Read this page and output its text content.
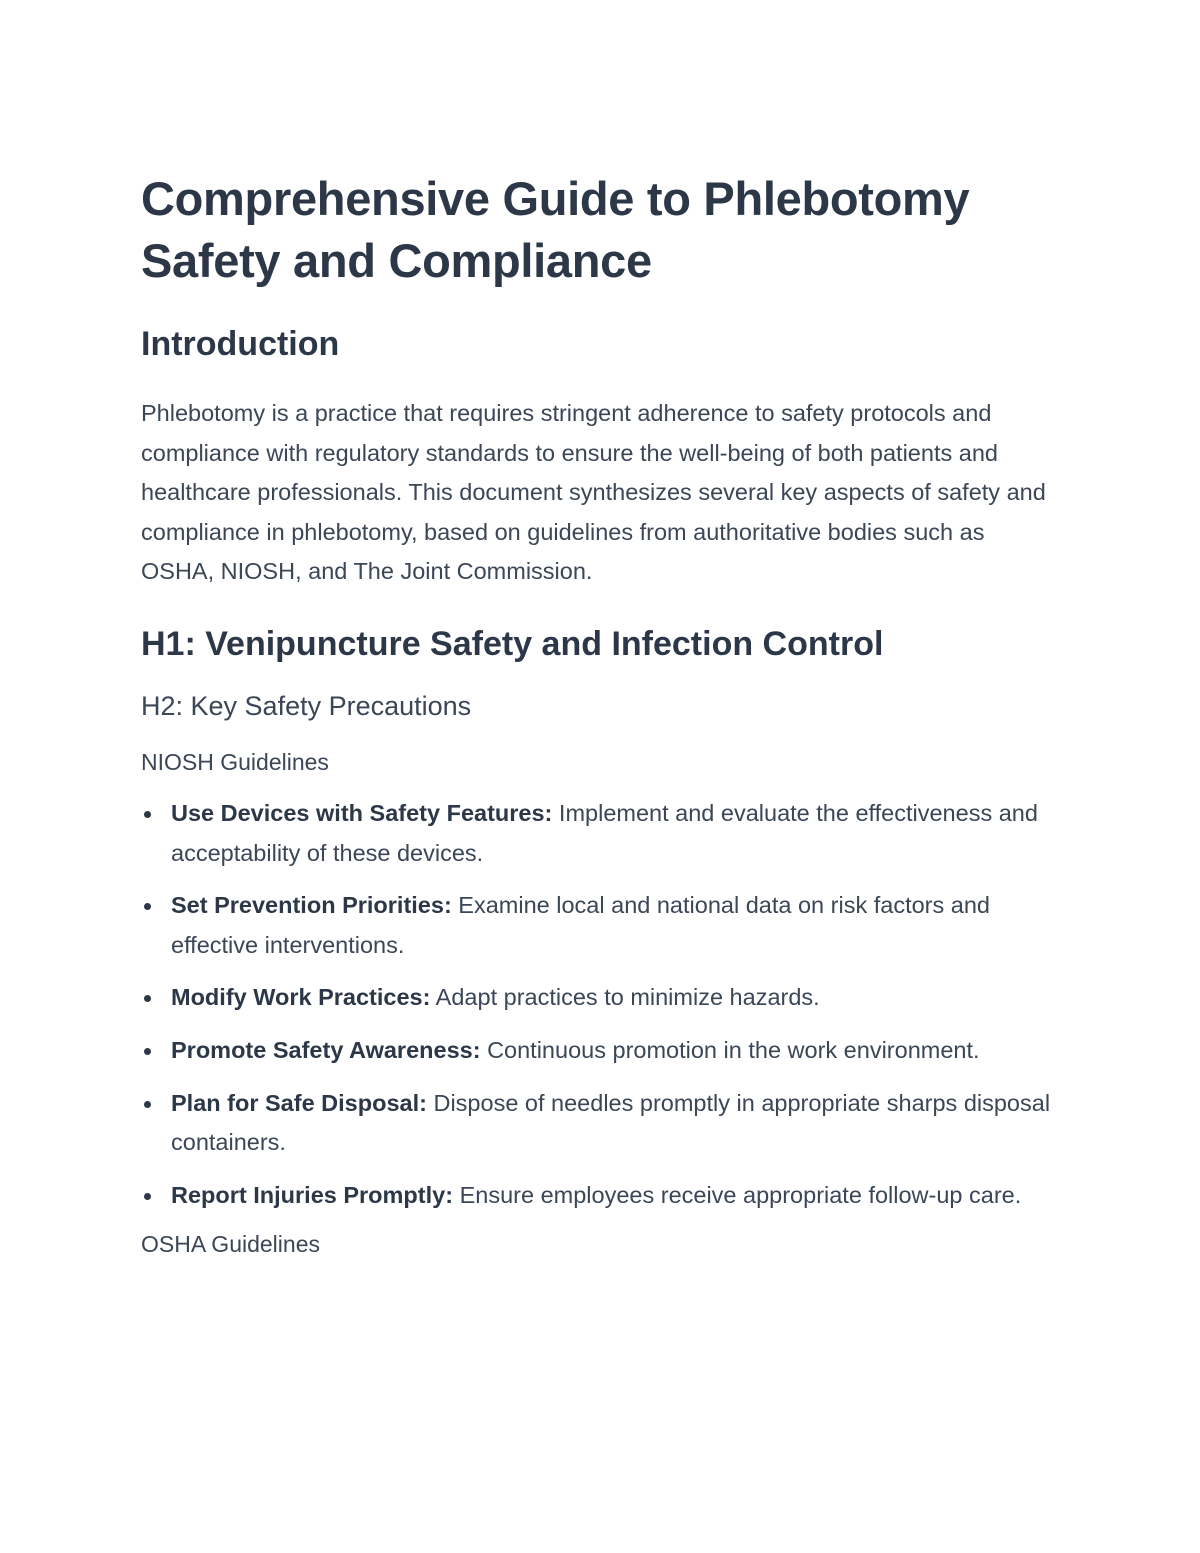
Comprehensive Guide to Phlebotomy Safety and Compliance
Introduction

Phlebotomy is a practice that requires stringent adherence to safety protocols and compliance with regulatory standards to ensure the well-being of both patients and healthcare professionals. This document synthesizes several key aspects of safety and compliance in phlebotomy, based on guidelines from authoritative bodies such as OSHA, NIOSH, and The Joint Commission.

H1: Venipuncture Safety and Infection Control
H2: Key Safety Precautions
NIOSH Guidelines
Use Devices with Safety Features: Implement and evaluate the effectiveness and acceptability of these devices.
Set Prevention Priorities: Examine local and national data on risk factors and effective interventions.
Modify Work Practices: Adapt practices to minimize hazards.
Promote Safety Awareness: Continuous promotion in the work environment.
Plan for Safe Disposal: Dispose of needles promptly in appropriate sharps disposal containers.
Report Injuries Promptly: Ensure employees receive appropriate follow-up care.
OSHA Guidelines
